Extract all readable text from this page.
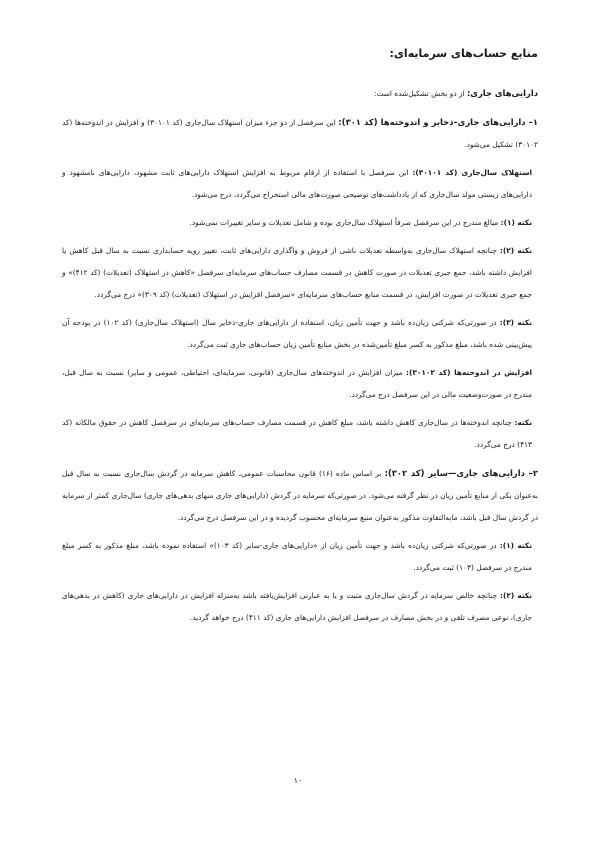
منابع حساب‌های سرمایه‌ای:
دارایی‌های جاری: از دو بخش تشکیل‌شده است:
۱– دارایی‌های جاری–ذخایر و اندوخته‌ها (کد ۳۰۱): این سرفصل از دو جزء میزان استهلاک سال‌جاری (کد ۳۰۱۰۱) و افزایش در اندوخته‌ها (کد ۳۰۱۰۲) تشکیل می‌شود.
استهلاک سال‌جاری (کد ۳۰۱۰۱): این سرفصل با استفاده از ارقام مربوط به افزایش استهلاک دارایی‌های ثابت مشهود، دارایی‌های نامشهود و دارایی‌های زیستی مولد سال‌جاری که از یادداشت‌های توضیحی صورت‌های مالی استخراج می‌گردد، درج می‌شود.
نکته (۱): مبالغ مندرج در این سرفصل صرفاً استهلاک سال‌جاری بوده و شامل تعدیلات و سایر تغییرات نمی‌شود.
نکته (۲): چنانچه استهلاک سال‌جاری به‌واسطه تعدیلات ناشی از فروش و واگذاری دارایی‌های ثابت، تغییر رویه حسابداری نسبت به سال قبل کاهش یا افزایش داشته باشد، جمع جبری تعدیلات در صورت کاهش در قسمت مصارف حساب‌های سرمایه‌ای سرفصل «کاهش در استهلاک (تعدیلات) (کد ۴۱۲)» و جمع جبری تعدیلات در صورت افزایش، در قسمت منابع حساب‌های سرمایه‌ای «سرفصل افزایش در استهلاک (تعدیلات) (کد ۳۰۹)» درج می‌گردد.
نکته (۳): در صورتی‌که شرکتی زیان‌ده باشد و جهت تأمین زیان، استفاده از دارایی‌های جاری-ذخایر سال (استهلاک سال‌جاری) (کد ۱۰۲) در بودجه آن پیش‌بینی شده باشد، مبلغ مذکور به کسر مبلغ تأمین‌شده در بخش منابع تأمین زیان حساب‌های جاری ثبت می‌گردد.
افزایش در اندوخته‌ها (کد ۳۰۱۰۲): میزان افزایش در اندوخته‌های سال‌جاری (قانونی، سرمایه‌ای، احتیاطی، عمومی و سایر) نسبت به سال قبل، مندرج در صورت‌وضعیت مالی در این سرفصل درج می‌گردد.
نکته: چنانچه اندوخته‌ها در سال‌جاری کاهش داشته باشد، مبلغ کاهش در قسمت مصارف حساب‌های سرمایه‌ای در سرفصل کاهش در حقوق مالکانه (کد ۴۱۳) درج می‌گردد.
۲– دارایی‌های جاری—سایر (کد ۳۰۲): بر اساس ماده (۱۶) قانون محاسبات عمومی، کاهش سرمایه در گردش سال‌جاری نسبت به سال قبل به‌عنوان یکی از منابع تأمین زیان در نظر گرفته می‌شود. در صورتی‌که سرمایه در گردش (دارایی‌های جاری منهای بدهی‌های جاری) سال‌جاری کمتر از سرمایه در گردش سال قبل باشد، مابه‌التفاوت مذکور به‌عنوان منبع سرمایه‌ای محسوب گردیده و در این سرفصل درج می‌گردد.
نکته (۱): در صورتی‌که شرکتی زیان‌ده باشد و جهت تأمین زیان از «دارایی‌های جاری-سایر (کد ۱۰۳)» استفاده نموده باشد، مبلغ مذکور به کسر مبلغ مندرج در سرفصل (۱۰۳) ثبت می‌گردد.
نکته (۲): چنانچه خالص سرمایه در گردش سال‌جاری مثبت و یا به عبارتی افزایش‌یافته باشد به‌منزله افزایش در دارایی‌های جاری (کاهش در بدهی‌های جاری)، نوعی مصرف تلقی و در بخش مصارف در سرفصل افزایش دارایی‌های جاری (کد ۴۱۱) درج خواهد گردید.
۱۰
